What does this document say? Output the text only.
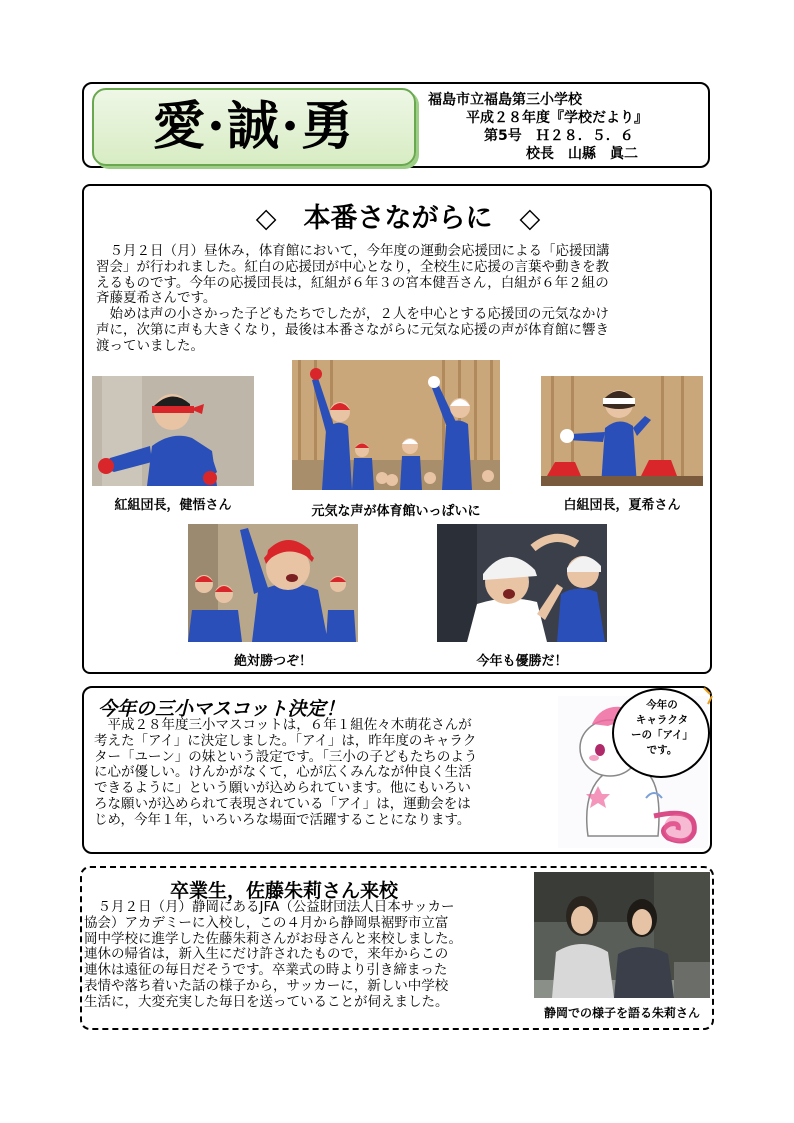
愛·誠·勇	福島市立福島第三小学校
平成２８年度『学校だより』
第5号　Ｈ２８．５．６
校長　山縣　眞二
◇　本番さながらに　◇
　５月２日（月）昼休み，体育館において，今年度の運動会応援団による「応援団講
習会」が行われました。紅白の応援団が中心となり，全校生に応援の言葉や動きを教
えるものです。今年の応援団長は，紅組が６年３の宮本健吾さん，白組が６年２組の
斉藤夏希さんです。
　始めは声の小さかった子どもたちでしたが，２人を中心とする応援団の元気なかけ
声に，次第に声も大きくなり，最後は本番さながらに元気な応援の声が体育館に響き
渡っていました。
紅組団長，健悟さん	元気な声が体育館いっぱいに	白組団長，夏希さん
絶対勝つぞ！	今年も優勝だ！
今年の三小マスコット決定！
　平成２８年度三小マスコットは，６年１組佐々木萌花さんが
考えた「アイ」に決定しました。「アイ」は，昨年度のキャラク
ター「ユーン」の妹という設定です。「三小の子どもたちのよう
に心が優しい。けんかがなくて，心が広くみんなが仲良く生活
できるように」という願いが込められています。他にもいろい
ろな願いが込められて表現されている「アイ」は，運動会をは
じめ，今年１年，いろいろな場面で活躍することになります。
今年の
キャラクタ
ーの「アイ」
です。
卒業生，佐藤朱莉さん来校
　５月２日（月）静岡にあるJFA（公益財団法人日本サッカー
協会）アカデミーに入校し，この４月から静岡県裾野市立富
岡中学校に進学した佐藤朱莉さんがお母さんと来校しました。
連休の帰省は，新入生にだけ許されたもので，来年からこの
連休は遠征の毎日だそうです。卒業式の時より引き締まった
表情や落ち着いた話の様子から，サッカーに，新しい中学校
生活に，大変充実した毎日を送っていることが伺えました。
静岡での様子を語る朱莉さん
